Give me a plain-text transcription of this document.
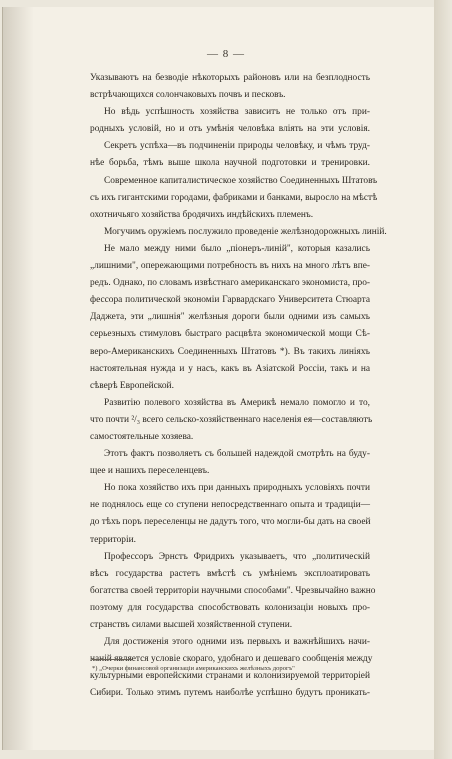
— 8 —
Указываютъ на безводіе нѣкоторыхъ районовъ или на безплодность
встрѣчающихся солончаковыхъ почвъ и песковъ.
Но вѣдь успѣшность хозяйства зависитъ не только отъ при-
родныхъ условій, но и отъ умѣнія человѣка вліять на эти условія.
Секретъ успѣха—въ подчиненіи природы человѣку, и чѣмъ труд-
нѣе борьба, тѣмъ выше школа научной подготовки и тренировки.
Современное капиталистическое хозяйство Соединенныхъ Штатовъ
съ ихъ гигантскими городами, фабриками и банками, выросло на мѣстѣ
охотничьяго хозяйства бродячихъ индѣйскихъ племенъ.
Могучимъ оружіемъ послужило проведеніе желѣзнодорожныхъ линій.
Не мало между ними было „піонеръ-линій", которыя казались
„лишними", опережающими потребность въ нихъ на много лѣтъ впе-
редъ. Однако, по словамъ извѣстнаго американскаго экономиста, про-
фессора политической экономіи Гарвардскаго Университета Стюарта
Даджета, эти „лишнія" желѣзныя дороги были одними изъ самыхъ
серьезныхъ стимуловъ быстраго расцвѣта экономической мощи Сѣ-
веро-Американскихъ Соединенныхъ Штатовъ *). Въ такихъ линіяхъ
настоятельная нужда и у насъ, какъ въ Азіатской Россіи, такъ и на
сѣверѣ Европейской.
Развитію полевого хозяйства въ Америкѣ немало помогло и то,
что почти ²/₃ всего сельско-хозяйственнаго населенія ея—составляютъ
самостоятельные хозяева.
Этотъ фактъ позволяетъ съ большей надеждой смотрѣть на буду-
щее и нашихъ переселенцевъ.
Но пока хозяйство ихъ при данныхъ природныхъ условіяхъ почти
не поднялось еще со ступени непосредственнаго опыта и традиціи—
до тѣхъ поръ переселенцы не дадутъ того, что могли-бы дать на своей
территоріи.
Профессоръ Эрнстъ Фридрихъ указываетъ, что „политическій
вѣсъ государства растетъ вмѣстѣ съ умѣніемъ эксплоатировать
богатства своей территоріи научными способами". Чрезвычайно важно
поэтому для государства способствовать колонизаціи новыхъ про-
странствъ силами высшей хозяйственной ступени.
Для достиженія этого одними изъ первыхъ и важнѣйшихъ начи-
наній является условіе скораго, удобнаго и дешеваго сообщенія между
культурными европейскими странами и колонизируемой территоріей
Сибири. Только этимъ путемъ наиболѣе успѣшно будутъ проникать-
*) „Очерки финансовой организаціи американскихъ желѣзныхъ дорогъ"
